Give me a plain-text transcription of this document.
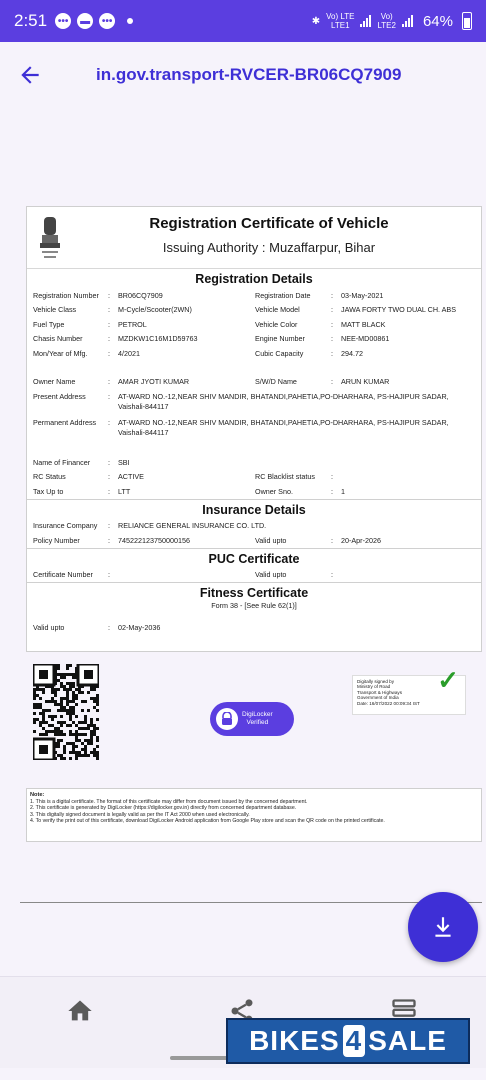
2:51 •••	▬	•••	✱ Vo) LTE
LTE1
Vo)
LTE2 64%
in.gov.transport-RVCER-BR06CQ7909
Registration Certificate of Vehicle
Issuing Authority : Muzaffarpur, Bihar
Registration Details
Registration Number	:	BR06CQ7909	Registration Date	:	03-May-2021
Vehicle Class	:	M-Cycle/Scooter(2WN)	Vehicle Model	:	JAWA FORTY TWO DUAL CH. ABS
Fuel Type	:	PETROL	Vehicle Color	:	MATT BLACK
Chasis Number	:	MZDKW1C16M1D59763	Engine Number	:	NEE-MD00861
Mon/Year of Mfg.	:	4/2021	Cubic Capacity	:	294.72
Owner Name	:	AMAR JYOTI KUMAR	S/W/D Name	:	ARUN KUMAR
Present Address	:	AT-WARD NO.-12,NEAR SHIV MANDIR, BHATANDI,PAHETIA,PO-DHARHARA, PS-HAJIPUR SADAR, Vaishali-844117
Permanent Address	:	AT-WARD NO.-12,NEAR SHIV MANDIR, BHATANDI,PAHETIA,PO-DHARHARA, PS-HAJIPUR SADAR, Vaishali-844117
Name of Financer	:	SBI
RC Status	:	ACTIVE	RC Blacklist status	:
Tax Up to	:	LTT	Owner Sno.	:	1
Insurance Details
Insurance Company	:	RELIANCE GENERAL INSURANCE CO. LTD.
Policy Number	:	745222123750000156	Valid upto	:	20-Apr-2026
PUC Certificate
Certificate Number	:	Valid upto	:
Fitness Certificate
Form 38 - [See Rule 62(1)]
Valid upto	:	02-May-2036
DigiLocker
Verified
Digitally signed by
Ministry of Road
Transport & Highways
Government of India
Date: 16/07/2022 00:09:34 IST
✓
Note:
1. This is a digital certificate. The format of this certificate may differ from document issued by the concerned department.
2. This certificate is generated by DigiLocker (https://digilocker.gov.in) directly from concerned department database.
3. This digitally signed document is legally valid as per the IT Act 2000 when used electronically.
4. To verify the print out of this certificate, download DigiLocker Android application from Google Play store and scan the QR code on the printed certificate.
BIKES 4 SALE
